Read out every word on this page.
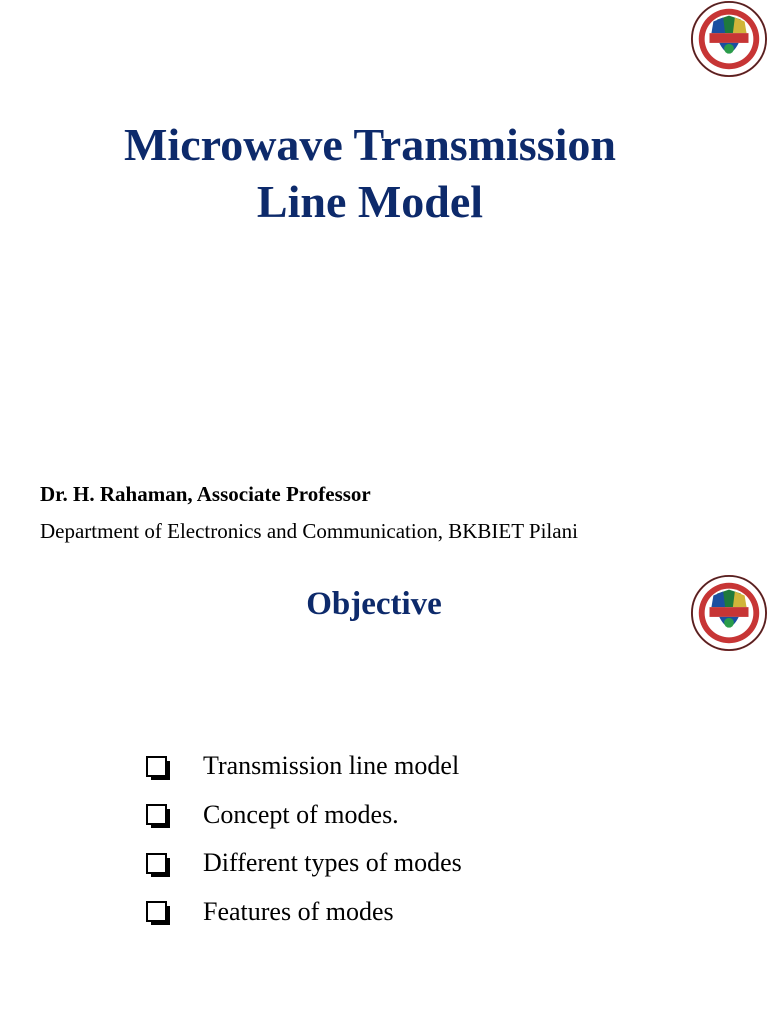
Microwave Transmission
Line Model
Dr. H. Rahaman, Associate Professor
Department of Electronics and Communication, BKBIET Pilani
Objective
Transmission line model
Concept of modes.
Different types of modes
Features of modes
